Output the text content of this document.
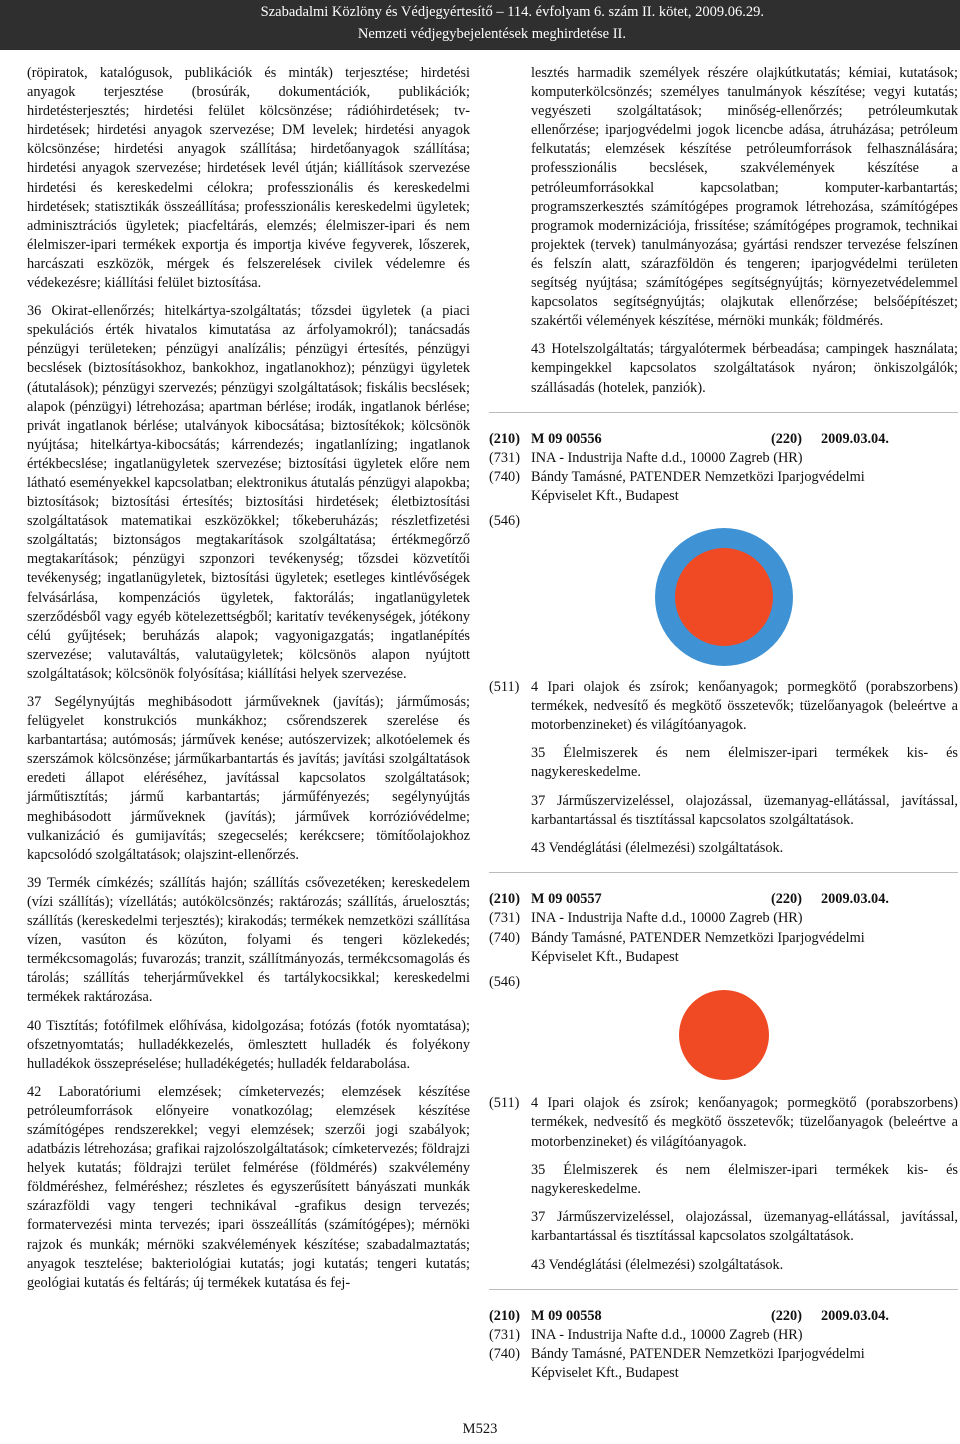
Szabadalmi Közlöny és Védjegyértesítő – 114. évfolyam 6. szám II. kötet, 2009.06.29.
Nemzeti védjegybejelentések meghirdetése II.

(röpiratok, katalógusok, publikációk és minták) terjesztése; hirdetési anyagok terjesztése (brosúrák, dokumentációk, publikációk; hirdetésterjesztés; hirdetési felület kölcsönzése; rádióhirdetések; tv-hirdetések; hirdetési anyagok szervezése; DM levelek; hirdetési anyagok kölcsönzése; hirdetési anyagok szállítása; hirdetőanyagok szállítása; hirdetési anyagok szervezése; hirdetések levél útján; kiállítások szervezése hirdetési és kereskedelmi célokra; professzionális és kereskedelmi hirdetések; statisztikák összeállítása; professzionális kereskedelmi ügyletek; adminisztrációs ügyletek; piacfeltárás, elemzés; élelmiszer-ipari és nem élelmiszer-ipari termékek exportja és importja kivéve fegyverek, lőszerek, harcászati eszközök, mérgek és felszerelések civilek védelemre és védekezésre; kiállítási felület biztosítása.

36 Okirat-ellenőrzés; hitelkártya-szolgáltatás; tőzsdei ügyletek (a piaci spekulációs érték hivatalos kimutatása az árfolyamokról); tanácsadás pénzügyi területeken; pénzügyi analízális; pénzügyi értesítés, pénzügyi becslések (biztosításokhoz, bankokhoz, ingatlanokhoz); pénzügyi ügyletek (átutalások); pénzügyi szervezés; pénzügyi szolgáltatások; fiskális becslések; alapok (pénzügyi) létrehozása; apartman bérlése; irodák, ingatlanok bérlése; privát ingatlanok bérlése; utalványok kibocsátása; biztosítékok; kölcsönök nyújtása; hitelkártya-kibocsátás; kárrendezés; ingatlanlízing; ingatlanok értékbecslése; ingatlanügyletek szervezése; biztosítási ügyletek előre nem látható eseményekkel kapcsolatban; elektronikus átutalás pénzügyi alapokba; biztosítások; biztosítási értesítés; biztosítási hirdetések; életbiztosítási szolgáltatások matematikai eszközökkel; tőkeberuházás; részletfizetési szolgáltatás; biztonságos megtakarítások szolgáltatása; értékmegőrző megtakarítások; pénzügyi szponzori tevékenység; tőzsdei közvetítői tevékenység; ingatlanügyletek, biztosítási ügyletek; esetleges kintlévőségek felvásárlása, kompenzációs ügyletek, faktorálás; ingatlanügyletek szerződésből vagy egyéb kötelezettségből; karitatív tevékenységek, jótékony célú gyűjtések; beruházás alapok; vagyonigazgatás; ingatlanépítés szervezése; valutaváltás, valutaügyletek; kölcsönös alapon nyújtott szolgáltatások; kölcsönök folyósítása; kiállítási helyek szervezése.

37 Segélynyújtás meghibásodott járműveknek (javítás); járműmosás; felügyelet konstrukciós munkákhoz; csőrendszerek szerelése és karbantartása; autómosás; járművek kenése; autószervizek; alkotóelemek és szerszámok kölcsönzése; járműkarbantartás és javítás; javítási szolgáltatások eredeti állapot eléréséhez, javítással kapcsolatos szolgáltatások; járműtisztítás; jármű karbantartás; járműfényezés; segélynyújtás meghibásodott járműveknek (javítás); járművek korrózióvédelme; vulkanizáció és gumijavítás; szegecselés; kerékcsere; tömítőolajokhoz kapcsolódó szolgáltatások; olajszint-ellenőrzés.

39 Termék címkézés; szállítás hajón; szállítás csővezetéken; kereskedelem (vízi szállítás); vízellátás; autókölcsönzés; raktározás; szállítás, áruelosztás; szállítás (kereskedelmi terjesztés); kirakodás; termékek nemzetközi szállítása vízen, vasúton és közúton, folyami és tengeri közlekedés; termékcsomagolás; fuvarozás; tranzit, szállítmányozás, termékcsomagolás és tárolás; szállítás teherjárművekkel és tartálykocsikkal; kereskedelmi termékek raktározása.

40 Tisztítás; fotófilmek előhívása, kidolgozása; fotózás (fotók nyomtatása); ofszetnyomtatás; hulladékkezelés, ömlesztett hulladék és folyékony hulladékok összepréselése; hulladékégetés; hulladék feldarabolása.

42 Laboratóriumi elemzések; címketervezés; elemzések készítése petróleumforrások előnyeire vonatkozólag; elemzések készítése számítógépes rendszerekkel; vegyi elemzések; szerzői jogi szabályok; adatbázis létrehozása; grafikai rajzolószolgáltatások; címketervezés; földrajzi helyek kutatás; földrajzi terület felmérése (földmérés) szakvélemény földméréshez, felméréshez; részletes és egyszerűsített bányászati munkák szárazföldi vagy tengeri technikával -grafikus design tervezés; formatervezési minta tervezés; ipari összeállítás (számítógépes); mérnöki rajzok és munkák; mérnöki szakvélemények készítése; szabadalmaztatás; anyagok tesztelése; bakteriológiai kutatás; jogi kutatás; tengeri kutatás; geológiai kutatás és feltárás; új termékek kutatása és fej-

lesztés harmadik személyek részére olajkútkutatás; kémiai, kutatások; komputerkölcsönzés; személyes tanulmányok készítése; vegyi kutatás; vegyészeti szolgáltatások; minőség-ellenőrzés; petróleumkutak ellenőrzése; iparjogvédelmi jogok licencbe adása, átruházása; petróleum felkutatás; elemzések készítése petróleumforrások felhasználására; professzionális becslések, szakvélemények készítése a petróleumforrásokkal kapcsolatban; komputer-karbantartás; programszerkesztés számítógépes programok létrehozása, számítógépes programok modernizációja, frissítése; számítógépes programok, technikai projektek (tervek) tanulmányozása; gyártási rendszer tervezése felszínen és felszín alatt, szárazföldön és tengeren; iparjogvédelmi területen segítség nyújtása; számítógépes segítségnyújtás; környezetvédelemmel kapcsolatos segítségnyújtás; olajkutak ellenőrzése; belsőépítészet; szakértői vélemények készítése, mérnöki munkák; földmérés.

43 Hotelszolgáltatás; tárgyalótermek bérbeadása; campingek használata; kempingekkel kapcsolatos szolgáltatások nyáron; önkiszolgálók; szállásadás (hotelek, panziók).

(210) M 09 00556	(220)	2009.03.04.
(731) INA - Industrija Nafte d.d., 10000 Zagreb (HR)
(740) Bándy Tamásné, PATENDER Nemzetközi Iparjogvédelmi
Képviselet Kft., Budapest
(546)
(511) 4 Ipari olajok és zsírok; kenőanyagok; pormegkötő (porabszorbens) termékek, nedvesítő és megkötő összetevők; tüzelőanyagok (beleértve a motorbenzineket) és világítóanyagok.
35 Élelmiszerek és nem élelmiszer-ipari termékek kis- és nagykereskedelme.
37 Járműszervizeléssel, olajozással, üzemanyag-ellátással, javítással, karbantartással és tisztítással kapcsolatos szolgáltatások.
43 Vendéglátási (élelmezési) szolgáltatások.
(210) M 09 00557	(220)	2009.03.04.
(731) INA - Industrija Nafte d.d., 10000 Zagreb (HR)
(740) Bándy Tamásné, PATENDER Nemzetközi Iparjogvédelmi
Képviselet Kft., Budapest
(546)
(511) 4 Ipari olajok és zsírok; kenőanyagok; pormegkötő (porabszorbens) termékek, nedvesítő és megkötő összetevők; tüzelőanyagok (beleértve a motorbenzineket) és világítóanyagok.
35 Élelmiszerek és nem élelmiszer-ipari termékek kis- és nagykereskedelme.
37 Járműszervizeléssel, olajozással, üzemanyag-ellátással, javítással, karbantartással és tisztítással kapcsolatos szolgáltatások.
43 Vendéglátási (élelmezési) szolgáltatások.
(210) M 09 00558	(220)	2009.03.04.
(731) INA - Industrija Nafte d.d., 10000 Zagreb (HR)
(740) Bándy Tamásné, PATENDER Nemzetközi Iparjogvédelmi
Képviselet Kft., Budapest
M523
